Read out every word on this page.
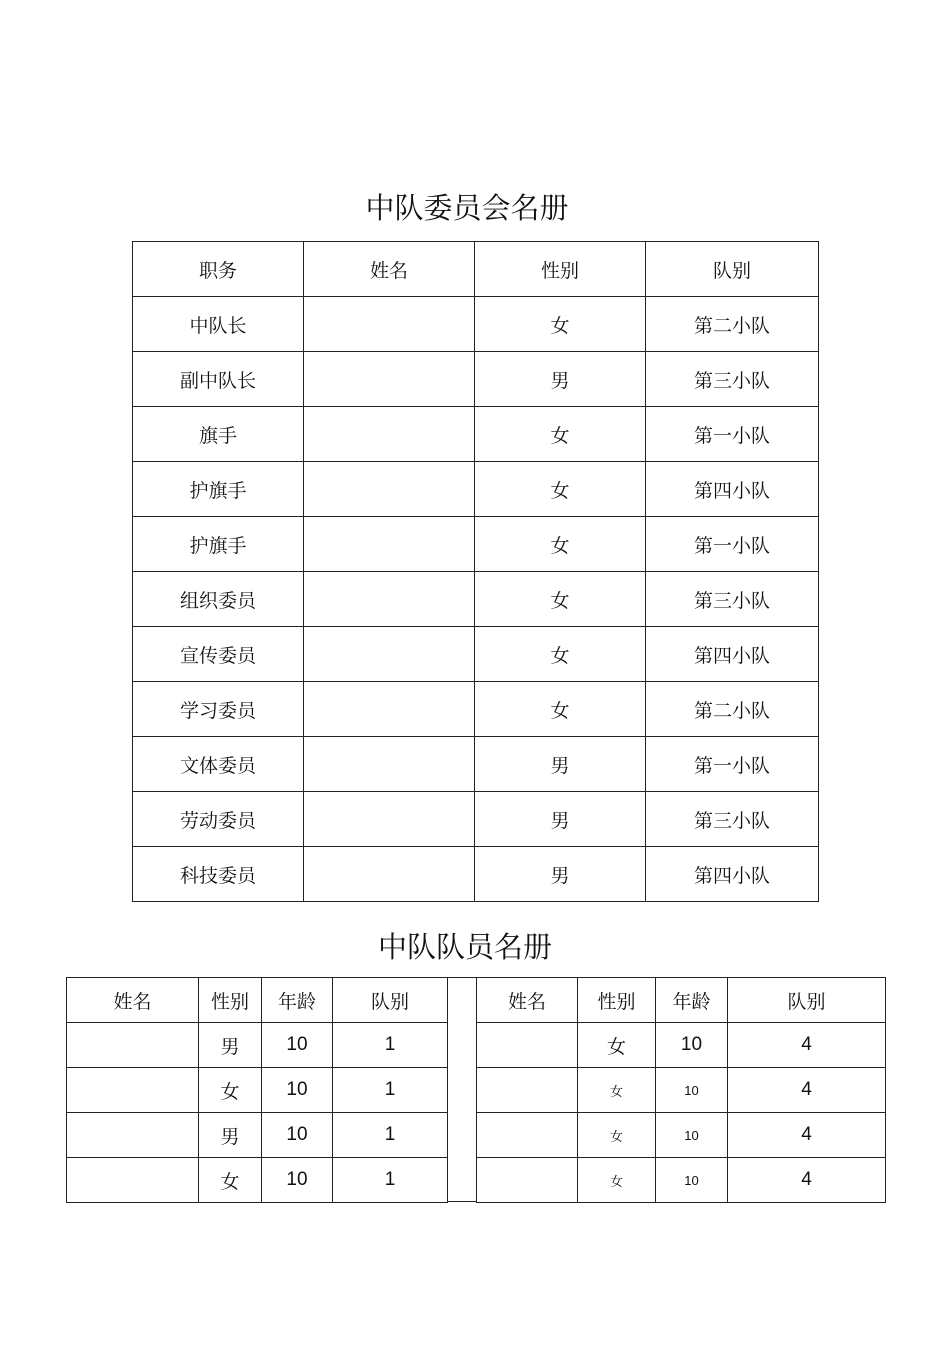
中队委员会名册
职务	姓名	性别	队别
中队长		女	第二小队
副中队长		男	第三小队
旗手		女	第一小队
护旗手		女	第四小队
护旗手		女	第一小队
组织委员		女	第三小队
宣传委员		女	第四小队
学习委员		女	第二小队
文体委员		男	第一小队
劳动委员		男	第三小队
科技委员		男	第四小队
中队队员名册
姓名	性别	年龄	队别
	男	10	1
	女	10	1
	男	10	1
	女	10	1
姓名	性别	年龄	队别
	女	10	4
	女	10	4
	女	10	4
	女	10	4
